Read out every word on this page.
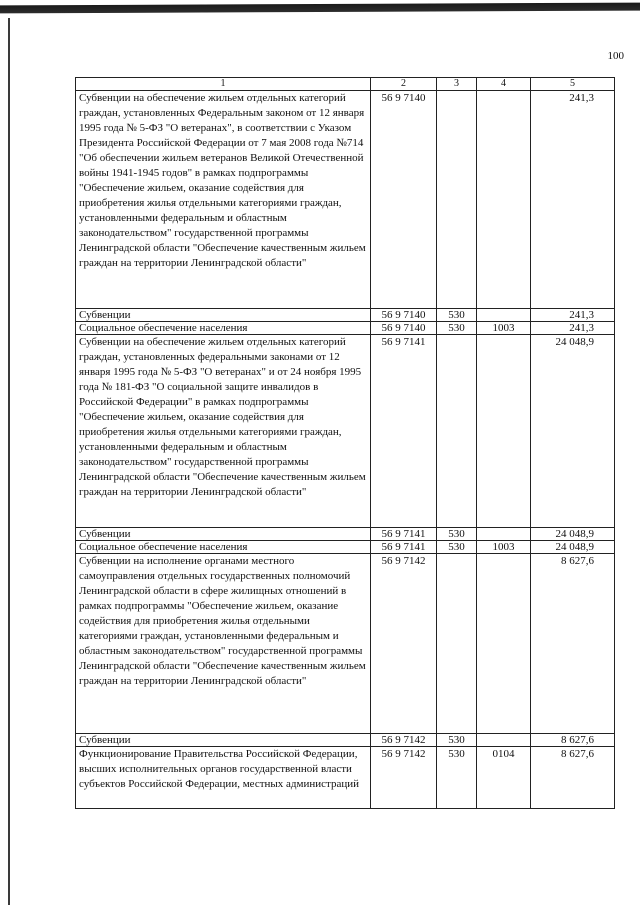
100
1	2	3	4	5
Субвенции на обеспечение жильем отдельных категорий граждан, установленных Федеральным законом от 12 января 1995 года № 5-ФЗ "О ветеранах", в соответствии с Указом Президента Российской Федерации от 7 мая 2008 года №714 "Об обеспечении жильем ветеранов Великой Отечественной войны 1941-1945 годов" в рамках подпрограммы "Обеспечение жильем, оказание содействия для приобретения жилья отдельными категориями граждан, установленными федеральным и областным законодательством" государственной программы Ленинградской области "Обеспечение качественным жильем граждан на территории Ленинградской области"	56 9 7140			241,3
Субвенции	56 9 7140	530		241,3
Социальное обеспечение населения	56 9 7140	530	1003	241,3
Субвенции на обеспечение жильем отдельных категорий граждан, установленных федеральными законами от 12 января 1995 года № 5-ФЗ "О ветеранах" и от 24 ноября 1995 года № 181-ФЗ "О социальной защите инвалидов в Российской Федерации" в рамках подпрограммы "Обеспечение жильем, оказание содействия для приобретения жилья отдельными категориями граждан, установленными федеральным и областным законодательством" государственной программы Ленинградской области "Обеспечение качественным жильем граждан на территории Ленинградской области"	56 9 7141			24 048,9
Субвенции	56 9 7141	530		24 048,9
Социальное обеспечение населения	56 9 7141	530	1003	24 048,9
Субвенции на исполнение органами местного самоуправления отдельных государственных полномочий Ленинградской области в сфере жилищных отношений в рамках подпрограммы "Обеспечение жильем, оказание содействия для приобретения жилья отдельными категориями граждан, установленными федеральным и областным законодательством" государственной программы Ленинградской области "Обеспечение качественным жильем граждан на территории Ленинградской области"	56 9 7142			8 627,6
Субвенции	56 9 7142	530		8 627,6
Функционирование Правительства Российской Федерации, высших исполнительных органов государственной власти субъектов Российской Федерации, местных администраций	56 9 7142	530	0104	8 627,6
